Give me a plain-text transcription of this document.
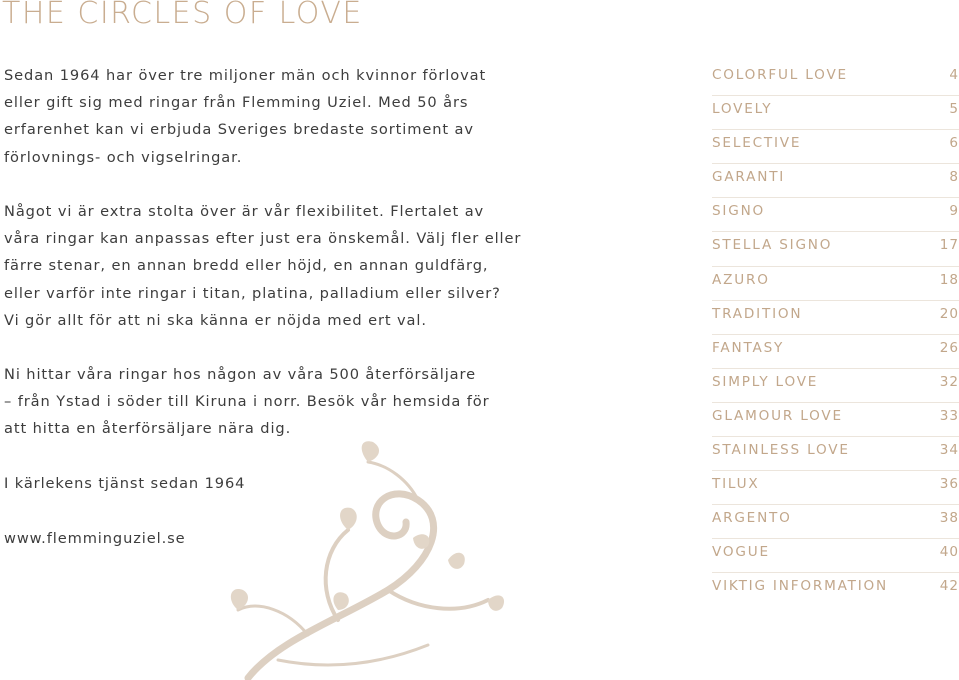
THE CIRCLES OF LOVE
Sedan 1964 har över tre miljoner män och kvinnor förlovat
eller gift sig med ringar från Flemming Uziel. Med 50 års
erfarenhet kan vi erbjuda Sveriges bredaste sortiment av
förlovnings- och vigselringar.
Något vi är extra stolta över är vår flexibilitet. Flertalet av
våra ringar kan anpassas efter just era önskemål. Välj fler eller
färre stenar, en annan bredd eller höjd, en annan guldfärg,
eller varför inte ringar i titan, platina, palladium eller silver?
Vi gör allt för att ni ska känna er nöjda med ert val.
Ni hittar våra ringar hos någon av våra 500 återförsäljare
– från Ystad i söder till Kiruna i norr. Besök vår hemsida för
att hitta en återförsäljare nära dig.
I kärlekens tjänst sedan 1964
www.flemminguziel.se
COLORFUL LOVE	4
LOVELY	5
SELECTIVE	6
GARANTI	8
SIGNO	9
STELLA SIGNO	17
AZURO	18
TRADITION	20
FANTASY	26
SIMPLY LOVE	32
GLAMOUR LOVE	33
STAINLESS LOVE	34
TILUX	36
ARGENTO	38
VOGUE	40
VIKTIG INFORMATION	42
